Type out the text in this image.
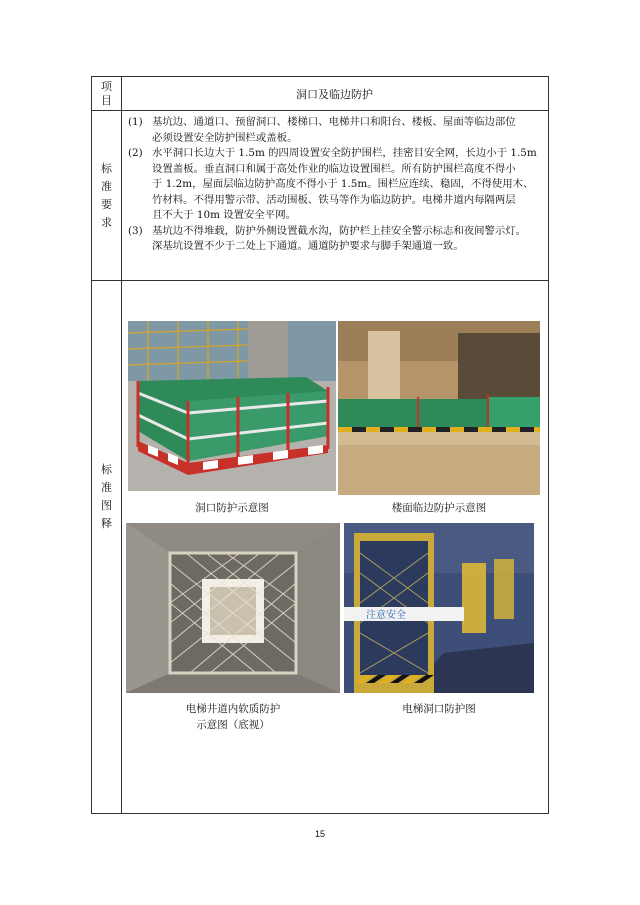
项
目	洞口及临边防护
标
准
要
求
(1) 基坑边、通道口、预留洞口、楼梯口、电梯井口和阳台、楼板、屋面等临边部位

必须设置安全防护围栏或盖板。

(2) 水平洞口长边大于 1.5m 的四周设置安全防护围栏，挂密目安全网，长边小于 1.5m

设置盖板。垂直洞口和属于高处作业的临边设置围栏。所有防护围栏高度不得小

于 1.2m，屋面层临边防护高度不得小于 1.5m。围栏应连续、稳固，不得使用木、

竹材料。不得用警示带、活动围板、铁马等作为临边防护。电梯井道内每隔两层

且不大于 10m 设置安全平网。

(3) 基坑边不得堆载，防护外侧设置截水沟，防护栏上挂安全警示标志和夜间警示灯。

深基坑设置不少于二处上下通道。通道防护要求与脚手架通道一致。

标
准
图
释
洞口防护示意图	楼面临边防护示意图
注意安全
电梯井道内软质防护
示意图（底视）
电梯洞口防护图
15
